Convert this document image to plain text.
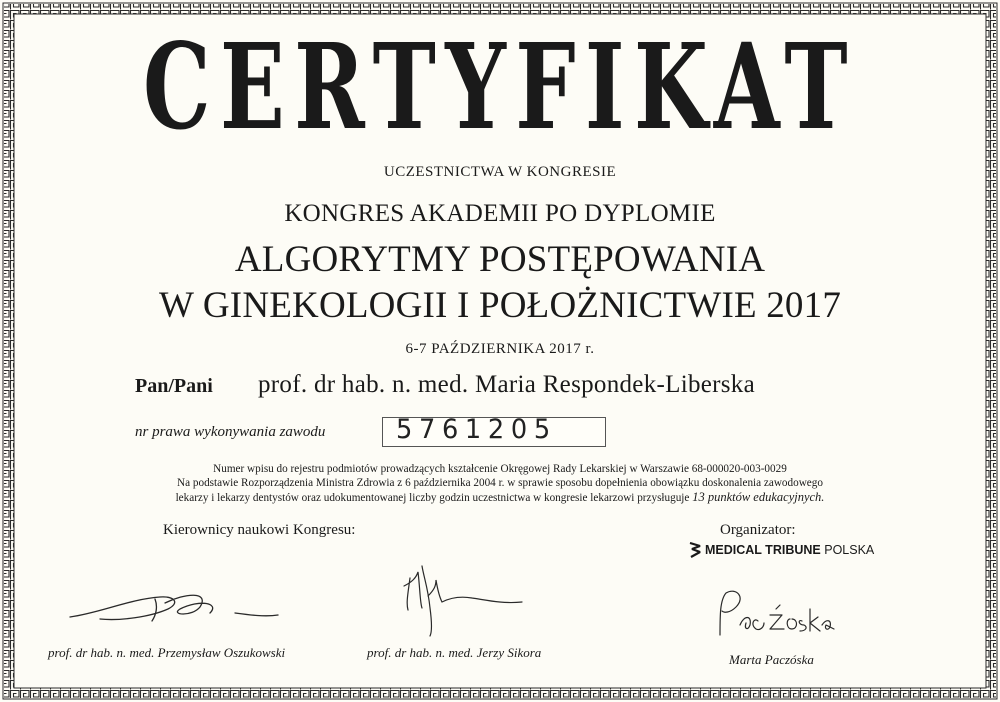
CERTYFIKAT
UCZESTNICTWA W KONGRESIE
KONGRES AKADEMII PO DYPLOMIE
ALGORYTMY POSTĘPOWANIA
W GINEKOLOGII I POŁOŻNICTWIE 2017
6-7 PAŹDZIERNIKA 2017 r.
Pan/Pani prof. dr hab. n. med. Maria Respondek-Liberska
nr prawa wykonywania zawodu	5761205
Numer wpisu do rejestru podmiotów prowadzących kształcenie Okręgowej Rady Lekarskiej w Warszawie 68-000020-003-0029
Na podstawie Rozporządzenia Ministra Zdrowia z 6 października 2004 r. w sprawie sposobu dopełnienia obowiązku doskonalenia zawodowego
lekarzy i lekarzy dentystów oraz udokumentowanej liczby godzin uczestnictwa w kongresie lekarzowi przysługuje 13 punktów edukacyjnych.
Kierownicy naukowi Kongresu:	Organizator:
MEDICAL TRIBUNE POLSKA
prof. dr hab. n. med. Przemysław Oszukowski	prof. dr hab. n. med. Jerzy Sikora	Marta Paczóska
